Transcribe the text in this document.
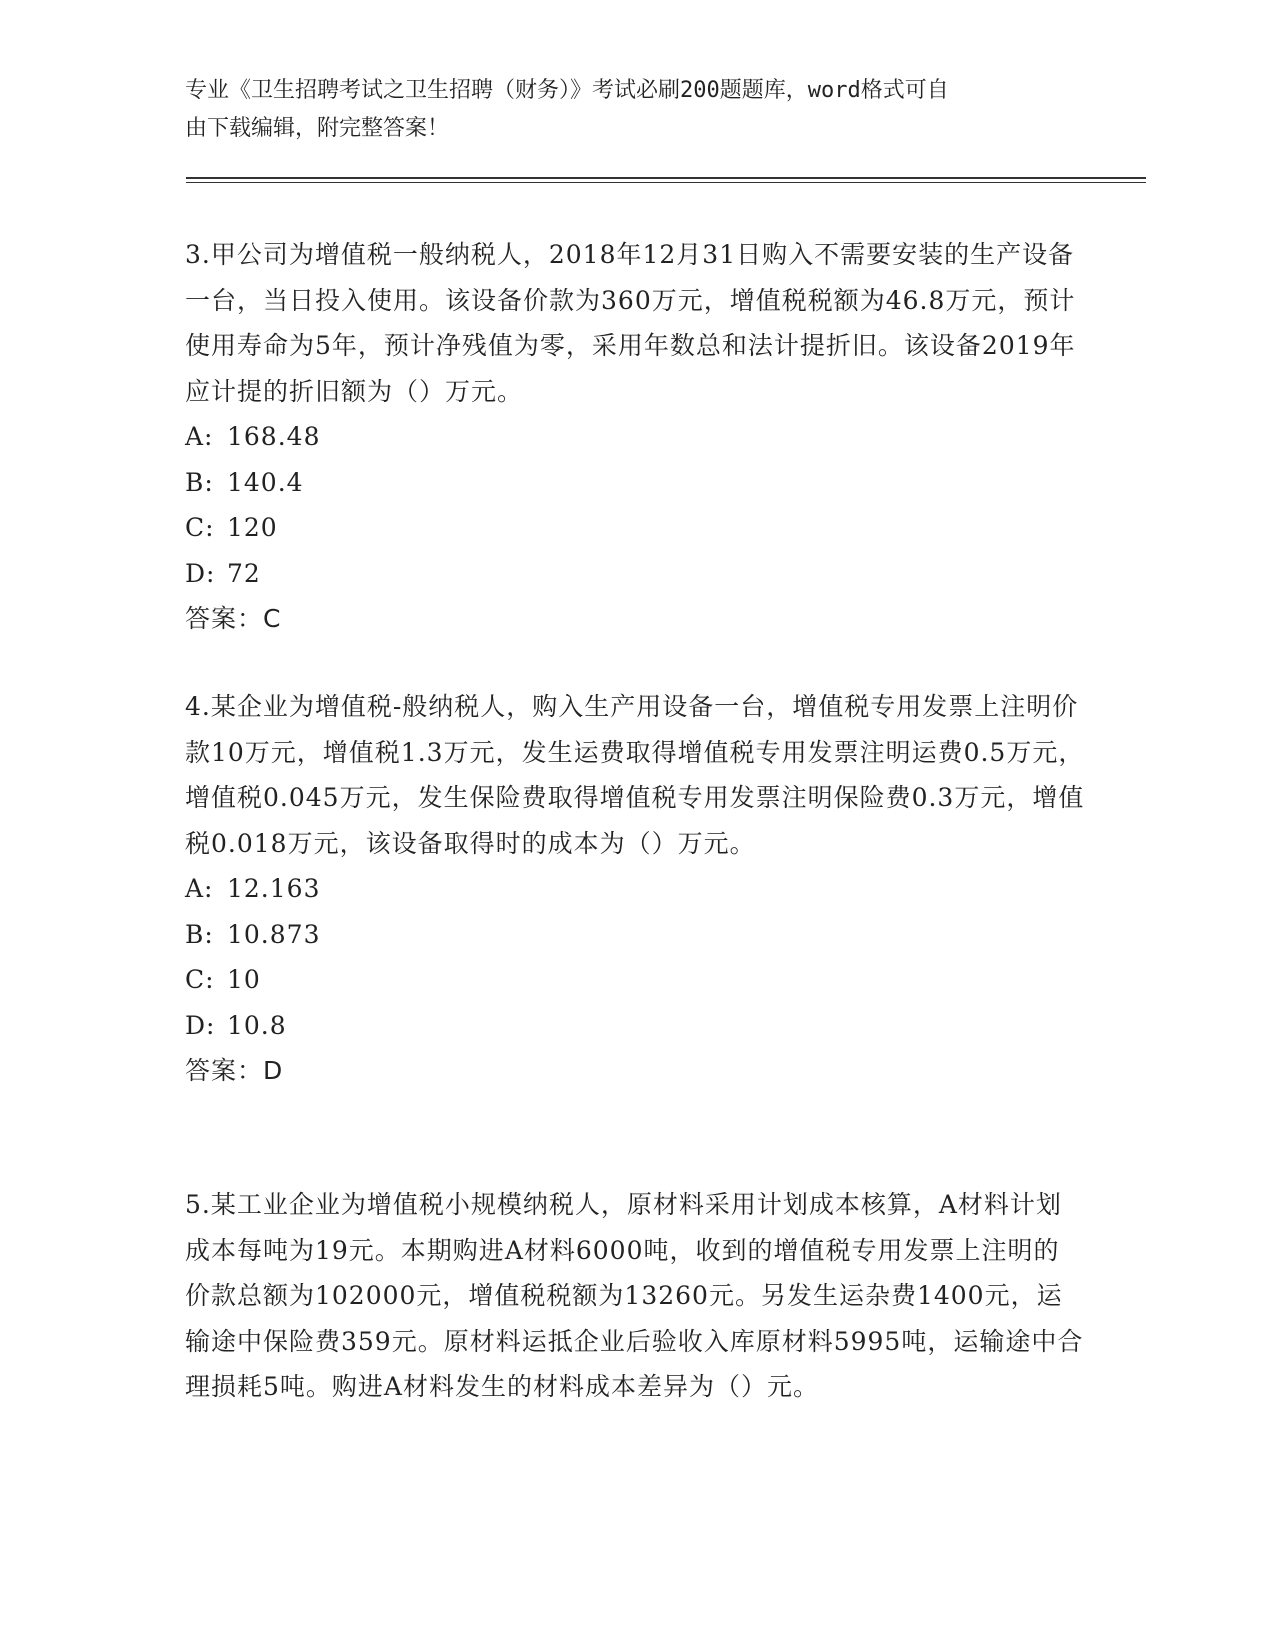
专业《卫生招聘考试之卫生招聘（财务）》考试必刷200题题库，word格式可自
由下载编辑，附完整答案！

3.甲公司为增值税一般纳税人，2018年12月31日购入不需要安装的生产设备一台，当日投入使用。该设备价款为360万元，增值税税额为46.8万元，预计使用寿命为5年，预计净残值为零，采用年数总和法计提折旧。该设备2019年应计提的折旧额为（）万元。

A: 168.48
B: 140.4
C: 120
D: 72
答案：C

4.某企业为增值税-般纳税人，购入生产用设备一台，增值税专用发票上注明价款10万元，增值税1.3万元，发生运费取得增值税专用发票注明运费0.5万元，增值税0.045万元，发生保险费取得增值税专用发票注明保险费0.3万元，增值税0.018万元，该设备取得时的成本为（）万元。

A: 12.163
B: 10.873
C: 10
D: 10.8
答案：D

5.某工业企业为增值税小规模纳税人，原材料采用计划成本核算，A材料计划成本每吨为19元。本期购进A材料6000吨，收到的增值税专用发票上注明的价款总额为102000元，增值税税额为13260元。另发生运杂费1400元，运输途中保险费359元。原材料运抵企业后验收入库原材料5995吨，运输途中合理损耗5吨。购进A材料发生的材料成本差异为（）元。
